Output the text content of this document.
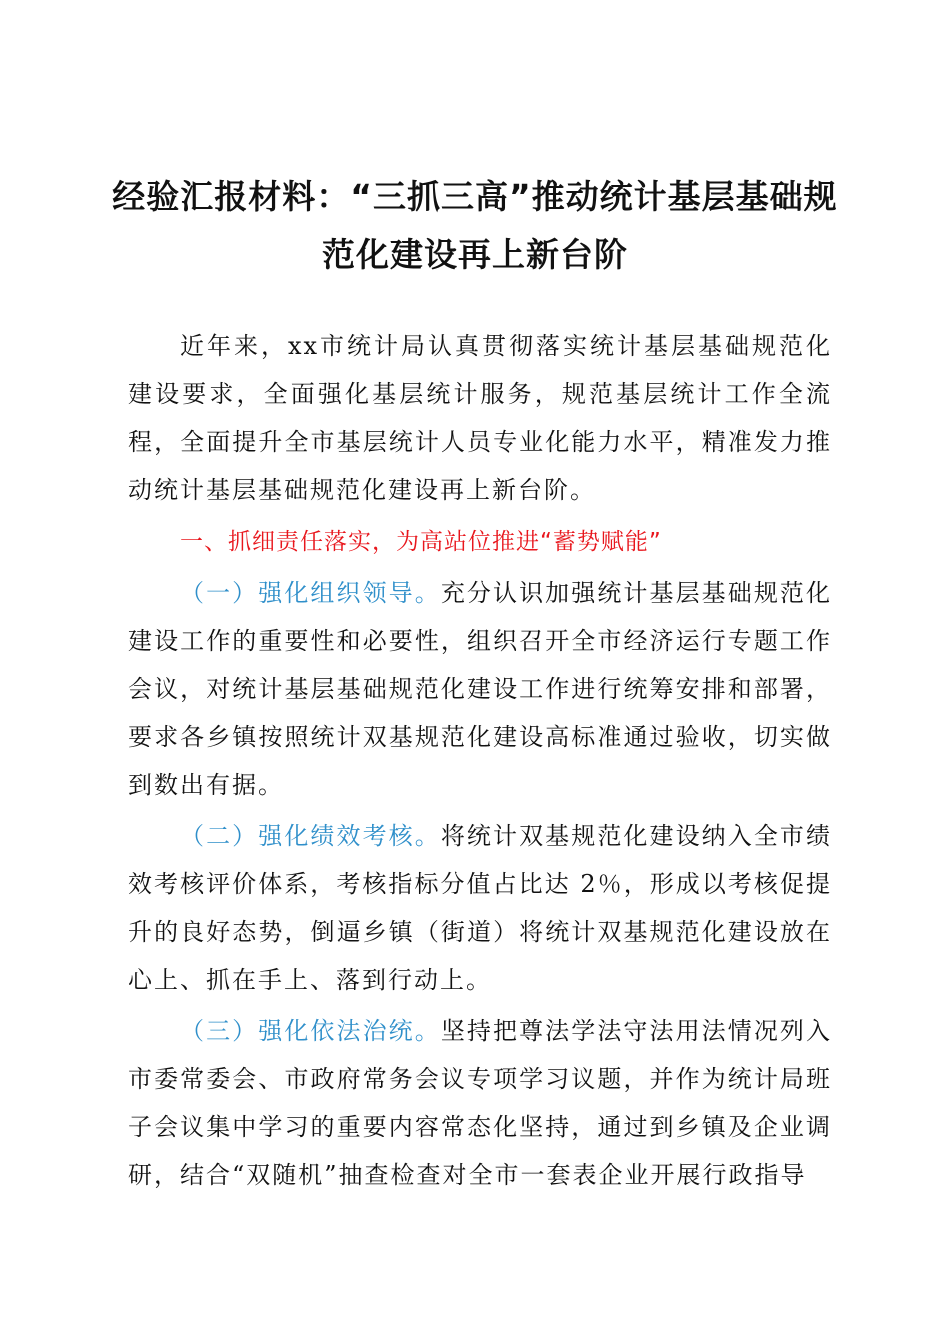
经验汇报材料：“三抓三高”推动统计基层基础规范化建设再上新台阶

近年来，xx市统计局认真贯彻落实统计基层基础规范化建设要求，全面强化基层统计服务，规范基层统计工作全流程，全面提升全市基层统计人员专业化能力水平，精准发力推动统计基层基础规范化建设再上新台阶。

一、抓细责任落实，为高站位推进“蓄势赋能”

（一）强化组织领导。充分认识加强统计基层基础规范化建设工作的重要性和必要性，组织召开全市经济运行专题工作会议，对统计基层基础规范化建设工作进行统筹安排和部署，要求各乡镇按照统计双基规范化建设高标准通过验收，切实做到数出有据。

（二）强化绩效考核。将统计双基规范化建设纳入全市绩效考核评价体系，考核指标分值占比达 2％，形成以考核促提升的良好态势，倒逼乡镇（街道）将统计双基规范化建设放在心上、抓在手上、落到行动上。

（三）强化依法治统。坚持把尊法学法守法用法情况列入市委常委会、市政府常务会议专项学习议题，并作为统计局班子会议集中学习的重要内容常态化坚持，通过到乡镇及企业调研，结合“双随机”抽查检查对全市一套表企业开展行政指导
